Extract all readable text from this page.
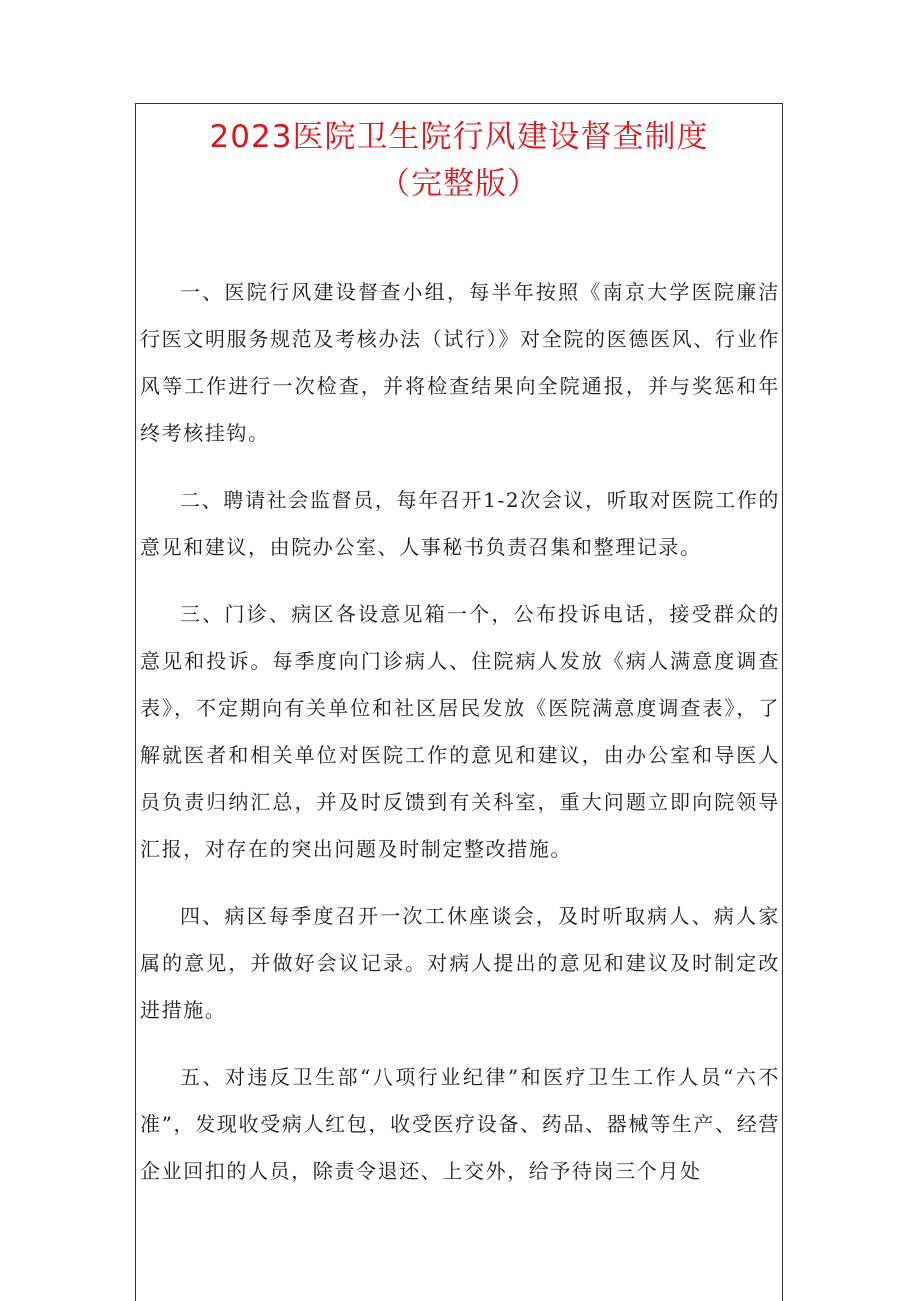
2023医院卫生院行风建设督查制度
（完整版）

一、医院行风建设督查小组，每半年按照《南京大学医院廉洁行医文明服务规范及考核办法（试行）》对全院的医德医风、行业作风等工作进行一次检查，并将检查结果向全院通报，并与奖惩和年终考核挂钩。

二、聘请社会监督员，每年召开1-2次会议，听取对医院工作的意见和建议，由院办公室、人事秘书负责召集和整理记录。

三、门诊、病区各设意见箱一个，公布投诉电话，接受群众的意见和投诉。每季度向门诊病人、住院病人发放《病人满意度调查表》，不定期向有关单位和社区居民发放《医院满意度调查表》，了解就医者和相关单位对医院工作的意见和建议，由办公室和导医人员负责归纳汇总，并及时反馈到有关科室，重大问题立即向院领导汇报，对存在的突出问题及时制定整改措施。

四、病区每季度召开一次工休座谈会，及时听取病人、病人家属的意见，并做好会议记录。对病人提出的意见和建议及时制定改进措施。

五、对违反卫生部“八项行业纪律”和医疗卫生工作人员“六不准”，发现收受病人红包，收受医疗设备、药品、器械等生产、经营企业回扣的人员，除责令退还、上交外，给予待岗三个月处
